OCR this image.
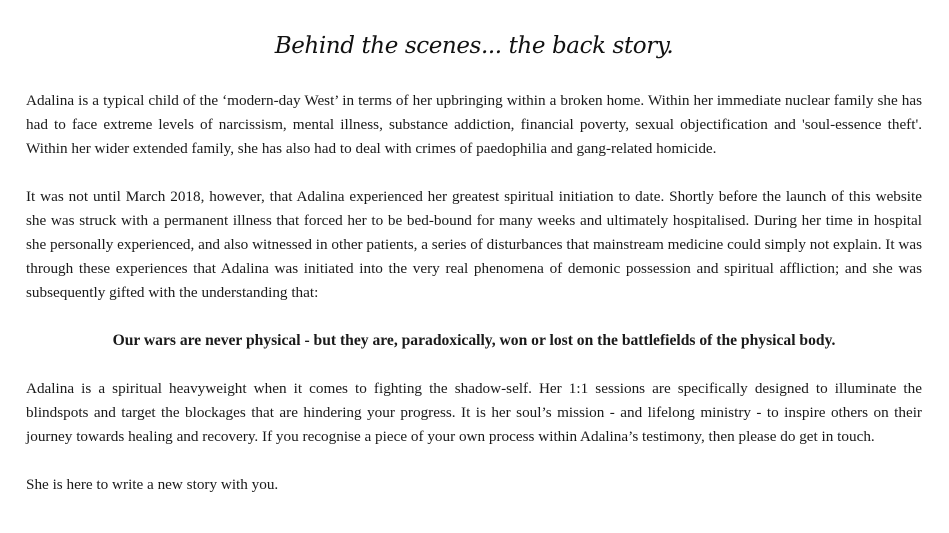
Behind the scenes... the back story.

Adalina is a typical child of the ‘modern-day West’ in terms of her upbringing within a broken home. Within her immediate nuclear family she has had to face extreme levels of narcissism, mental illness, substance addiction, financial poverty, sexual objectification and 'soul-essence theft'. Within her wider extended family, she has also had to deal with crimes of paedophilia and gang-related homicide.

It was not until March 2018, however, that Adalina experienced her greatest spiritual initiation to date. Shortly before the launch of this website she was struck with a permanent illness that forced her to be bed-bound for many weeks and ultimately hospitalised. During her time in hospital she personally experienced, and also witnessed in other patients, a series of disturbances that mainstream medicine could simply not explain. It was through these experiences that Adalina was initiated into the very real phenomena of demonic possession and spiritual affliction; and she was subsequently gifted with the understanding that:

Our wars are never physical - but they are, paradoxically, won or lost on the battlefields of the physical body.

Adalina is a spiritual heavyweight when it comes to fighting the shadow-self. Her 1:1 sessions are specifically designed to illuminate the blindspots and target the blockages that are hindering your progress. It is her soul’s mission - and lifelong ministry - to inspire others on their journey towards healing and recovery. If you recognise a piece of your own process within Adalina’s testimony, then please do get in touch.

She is here to write a new story with you.
